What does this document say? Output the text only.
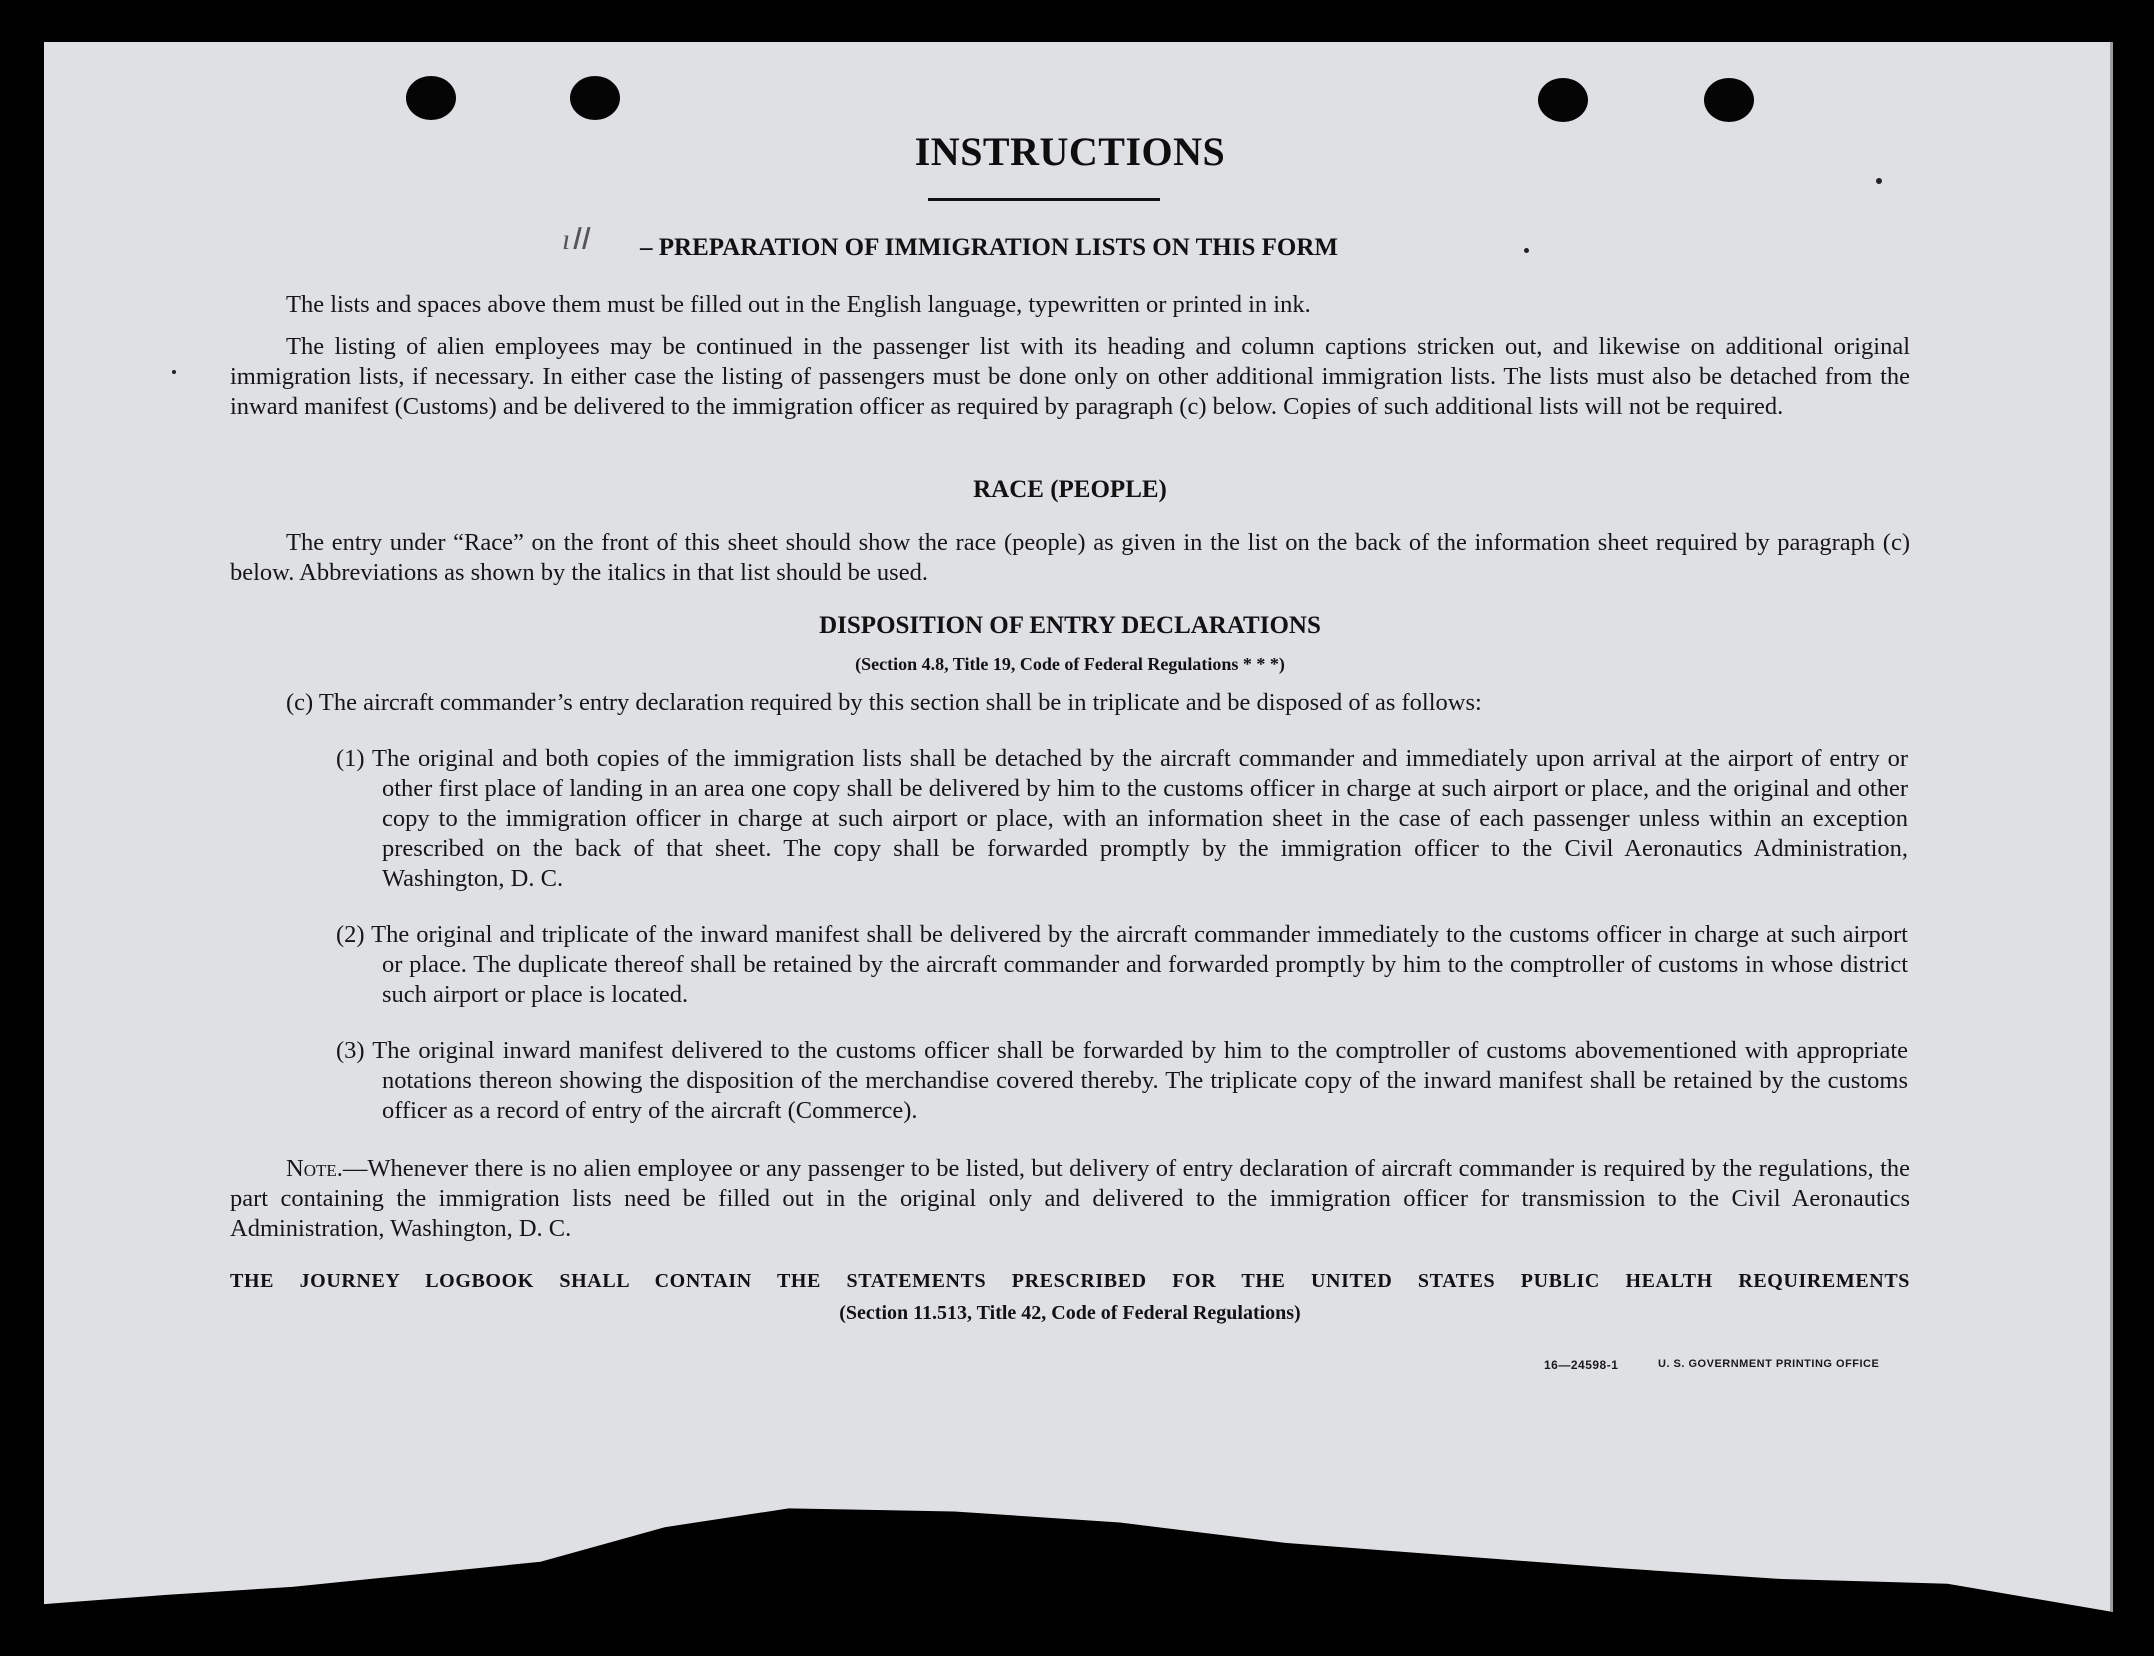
INSTRUCTIONS
ıⵏⵏ – PREPARATION OF IMMIGRATION LISTS ON THIS FORM

The lists and spaces above them must be filled out in the English language, typewritten or printed in ink.

The listing of alien employees may be continued in the passenger list with its heading and column captions stricken out, and likewise on additional original immigration lists, if necessary. In either case the listing of passengers must be done only on other additional immigration lists. The lists must also be detached from the inward manifest (Customs) and be delivered to the immigration officer as required by paragraph (c) below. Copies of such additional lists will not be required.

RACE (PEOPLE)

The entry under “Race” on the front of this sheet should show the race (people) as given in the list on the back of the information sheet required by paragraph (c) below. Abbreviations as shown by the italics in that list should be used.

DISPOSITION OF ENTRY DECLARATIONS
(Section 4.8, Title 19, Code of Federal Regulations * * *)

(c) The aircraft commander’s entry declaration required by this section shall be in triplicate and be disposed of as follows:

(1) The original and both copies of the immigration lists shall be detached by the aircraft commander and immediately upon arrival at the airport of entry or other first place of landing in an area one copy shall be delivered by him to the customs officer in charge at such airport or place, and the original and other copy to the immigration officer in charge at such airport or place, with an information sheet in the case of each passenger unless within an exception prescribed on the back of that sheet. The copy shall be forwarded promptly by the immigration officer to the Civil Aeronautics Administration, Washington, D. C.

(2) The original and triplicate of the inward manifest shall be delivered by the aircraft commander immediately to the customs officer in charge at such airport or place. The duplicate thereof shall be retained by the aircraft commander and forwarded promptly by him to the comptroller of customs in whose district such airport or place is located.

(3) The original inward manifest delivered to the customs officer shall be forwarded by him to the comptroller of customs abovementioned with appropriate notations thereon showing the disposition of the merchandise covered thereby. The triplicate copy of the inward manifest shall be retained by the customs officer as a record of entry of the aircraft (Commerce).

Note.—Whenever there is no alien employee or any passenger to be listed, but delivery of entry declaration of aircraft commander is required by the regulations, the part containing the immigration lists need be filled out in the original only and delivered to the immigration officer for transmission to the Civil Aeronautics Administration, Washington, D. C.

THE JOURNEY LOGBOOK SHALL CONTAIN THE STATEMENTS PRESCRIBED FOR THE UNITED STATES PUBLIC HEALTH REQUIREMENTS
(Section 11.513, Title 42, Code of Federal Regulations)
16—24598-1	U. S. GOVERNMENT PRINTING OFFICE
